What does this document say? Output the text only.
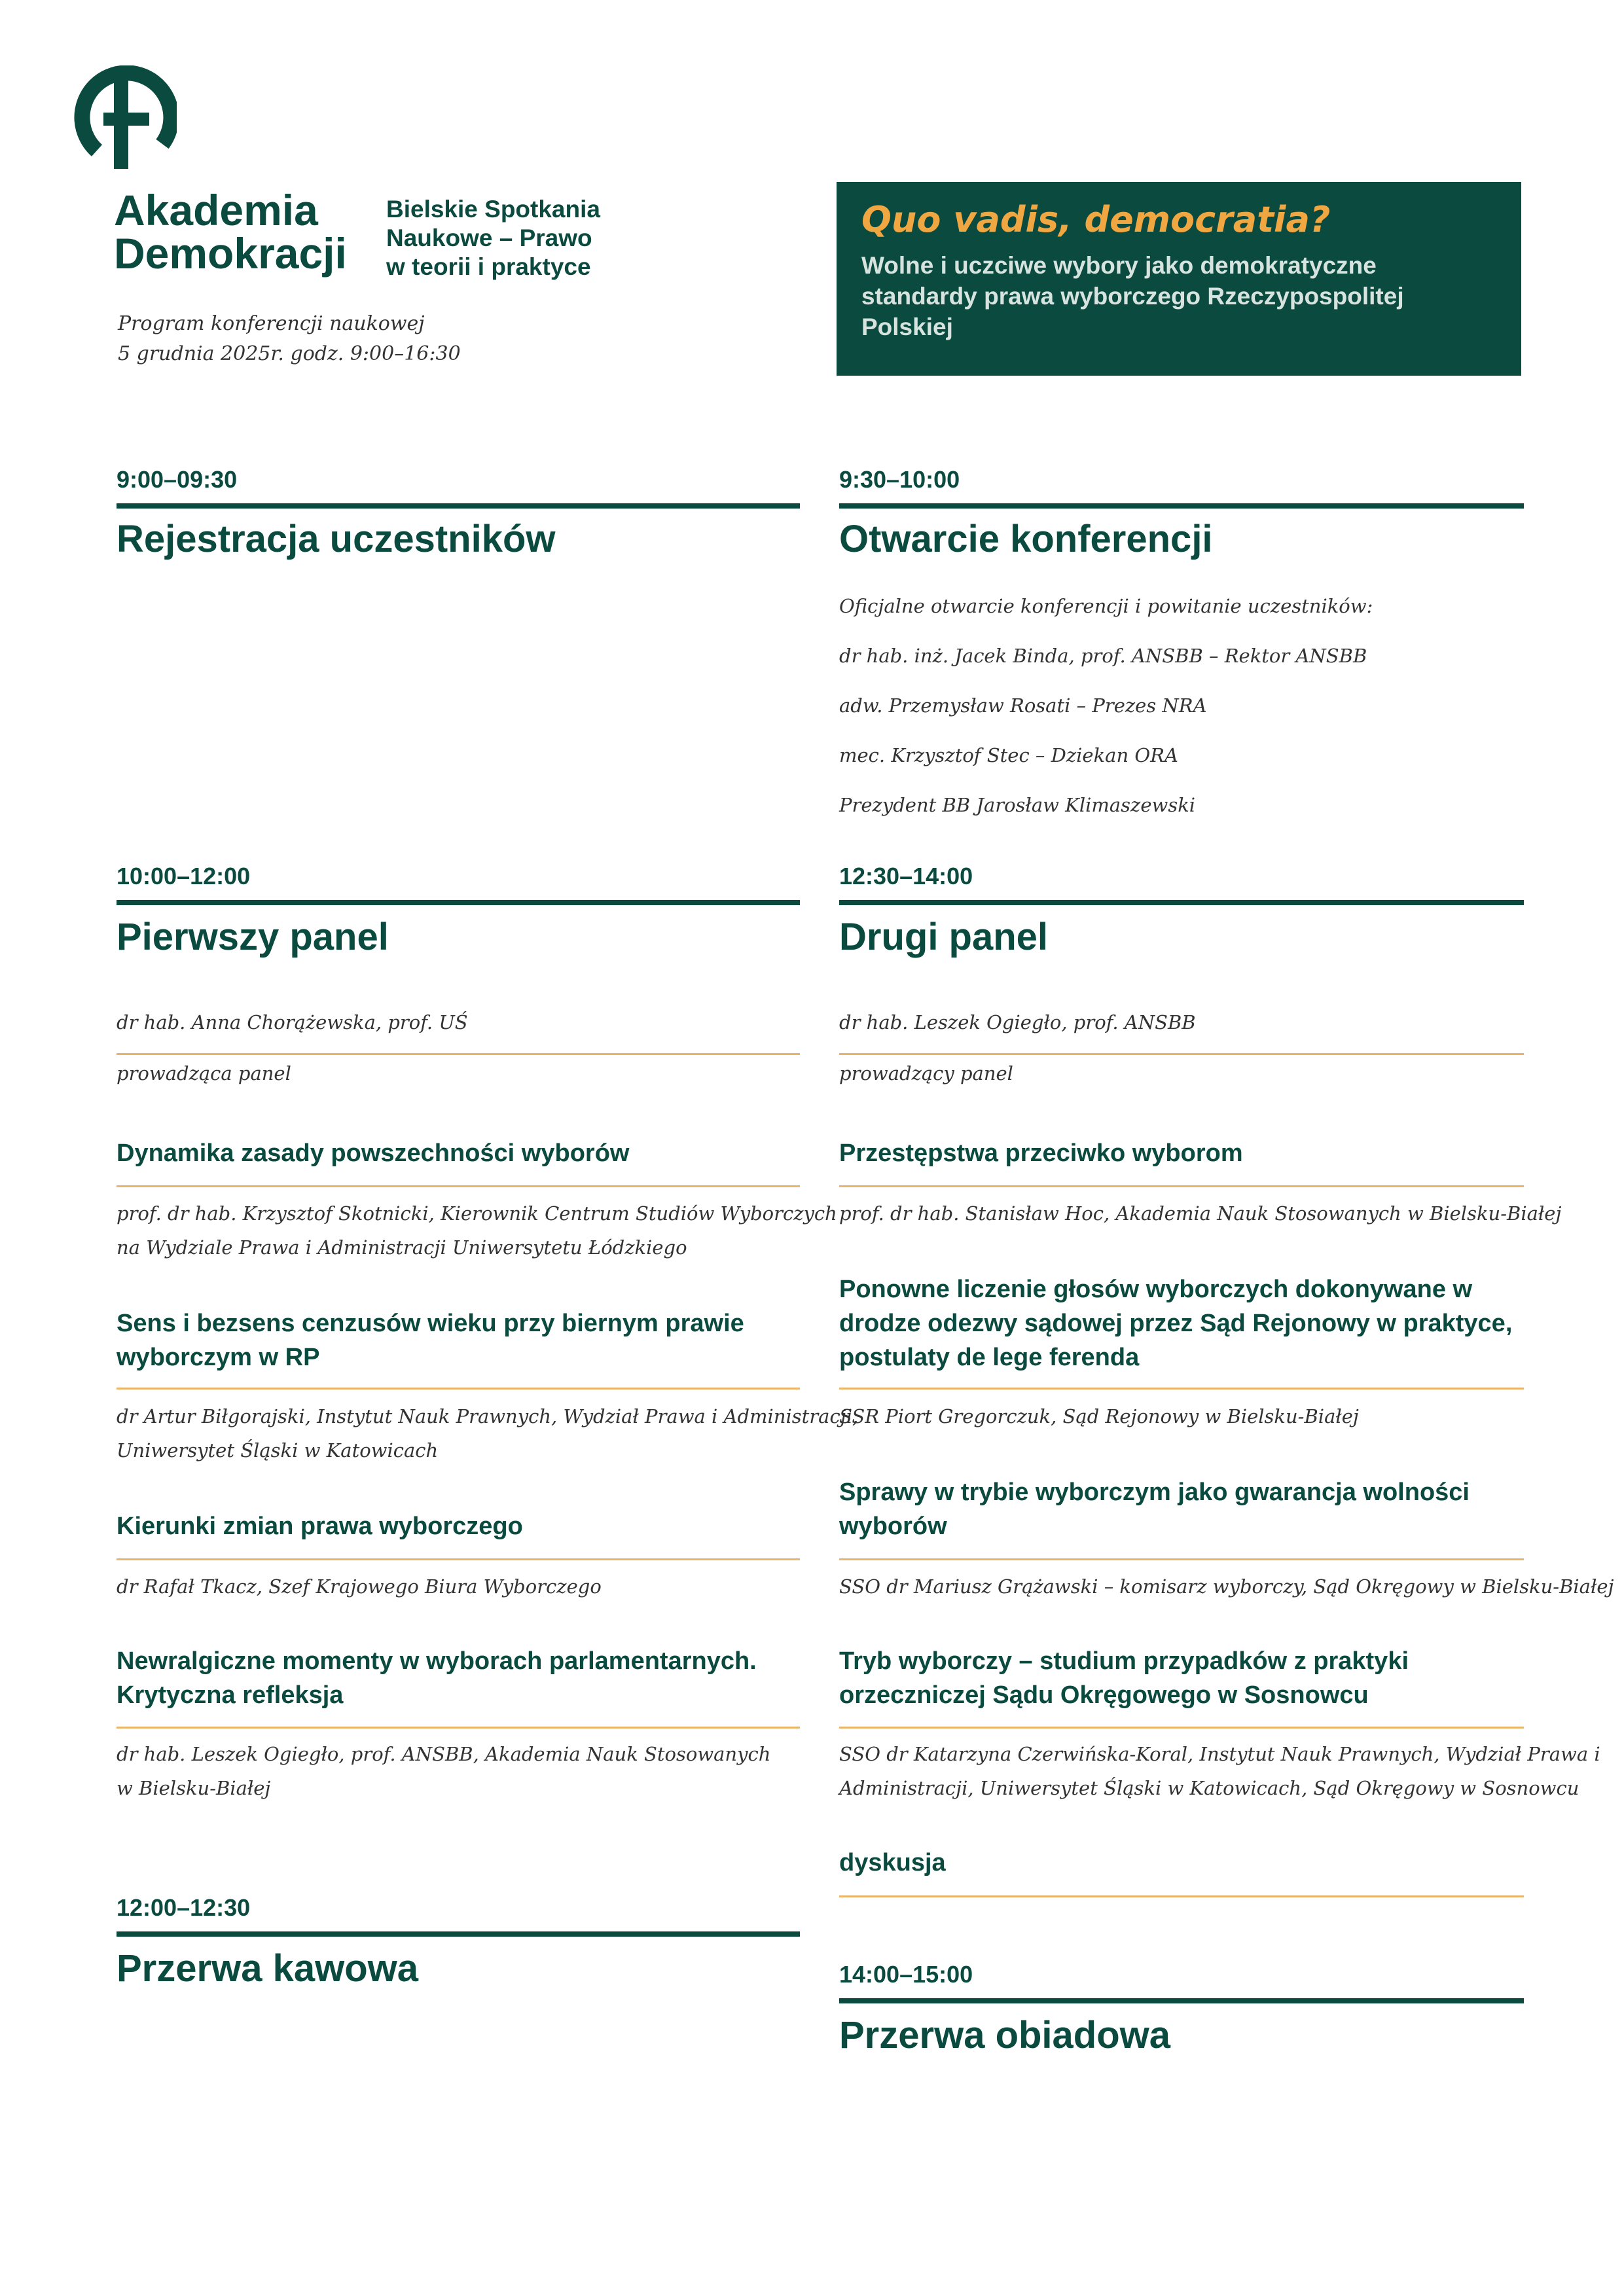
Akademia
Demokracji
Bielskie Spotkania
Naukowe – Prawo
w teorii i praktyce
Program konferencji naukowej
5 grudnia 2025r. godz. 9:00–16:30
Quo vadis, democratia?
Wolne i uczciwe wybory jako demokratyczne
standardy prawa wyborczego Rzeczypospolitej
Polskiej
9:00–09:30
Rejestracja uczestników
10:00–12:00
Pierwszy panel
dr hab. Anna Chorążewska, prof. UŚ
prowadząca panel
Dynamika zasady powszechności wyborów
prof. dr hab. Krzysztof Skotnicki, Kierownik Centrum Studiów Wyborczych
na Wydziale Prawa i Administracji Uniwersytetu Łódzkiego
Sens i bezsens cenzusów wieku przy biernym prawie
wyborczym w RP
dr Artur Biłgorajski, Instytut Nauk Prawnych, Wydział Prawa i Administracji,
Uniwersytet Śląski w Katowicach
Kierunki zmian prawa wyborczego
dr Rafał Tkacz, Szef Krajowego Biura Wyborczego
Newralgiczne momenty w wyborach parlamentarnych.
Krytyczna refleksja
dr hab. Leszek Ogiegło, prof. ANSBB, Akademia Nauk Stosowanych
w Bielsku-Białej
12:00–12:30
Przerwa kawowa
9:30–10:00
Otwarcie konferencji
Oficjalne otwarcie konferencji i powitanie uczestników:
dr hab. inż. Jacek Binda, prof. ANSBB – Rektor ANSBB
adw. Przemysław Rosati – Prezes NRA
mec. Krzysztof Stec – Dziekan ORA
Prezydent BB Jarosław Klimaszewski
12:30–14:00
Drugi panel
dr hab. Leszek Ogiegło, prof. ANSBB
prowadzący panel
Przestępstwa przeciwko wyborom
prof. dr hab. Stanisław Hoc, Akademia Nauk Stosowanych w Bielsku-Białej
Ponowne liczenie głosów wyborczych dokonywane w
drodze odezwy sądowej przez Sąd Rejonowy w praktyce,
postulaty de lege ferenda
SSR Piort Gregorczuk, Sąd Rejonowy w Bielsku-Białej
Sprawy w trybie wyborczym jako gwarancja wolności
wyborów
SSO dr Mariusz Grążawski – komisarz wyborczy, Sąd Okręgowy w Bielsku-Białej
Tryb wyborczy – studium przypadków z praktyki
orzeczniczej Sądu Okręgowego w Sosnowcu
SSO dr Katarzyna Czerwińska-Koral, Instytut Nauk Prawnych, Wydział Prawa i
Administracji, Uniwersytet Śląski w Katowicach, Sąd Okręgowy w Sosnowcu
dyskusja
14:00–15:00
Przerwa obiadowa
